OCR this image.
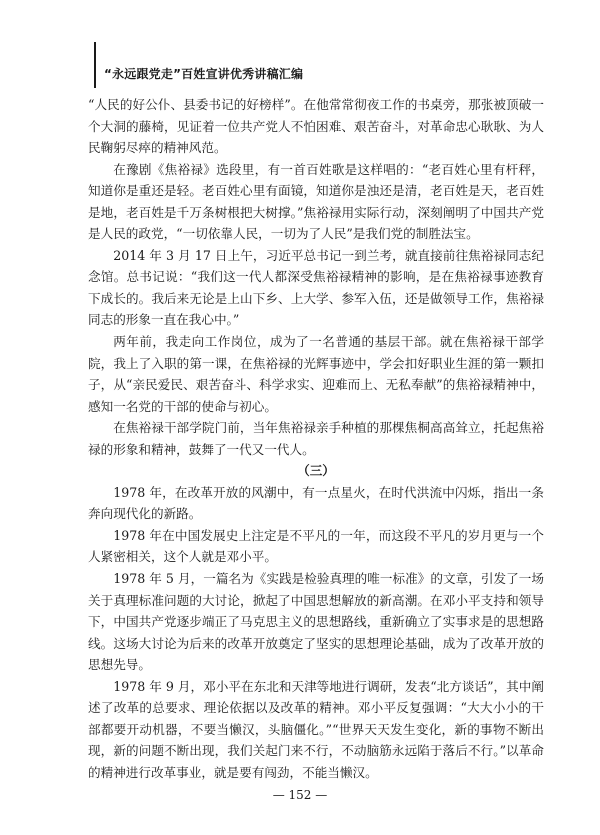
“永远跟党走”百姓宣讲优秀讲稿汇编

“人民的好公仆、县委书记的好榜样”。在他常常彻夜工作的书桌旁，那张被顶破一个大洞的藤椅，见证着一位共产党人不怕困难、艰苦奋斗，对革命忠心耿耿、为人民鞠躬尽瘁的精神风范。

在豫剧《焦裕禄》选段里，有一首百姓歌是这样唱的：“老百姓心里有杆秤，知道你是重还是轻。老百姓心里有面镜，知道你是浊还是清，老百姓是天，老百姓是地，老百姓是千万条树根把大树撑。”焦裕禄用实际行动，深刻阐明了中国共产党是人民的政党，“一切依靠人民，一切为了人民”是我们党的制胜法宝。

2014 年 3 月 17 日上午，习近平总书记一到兰考，就直接前往焦裕禄同志纪念馆。总书记说：“我们这一代人都深受焦裕禄精神的影响，是在焦裕禄事迹教育下成长的。我后来无论是上山下乡、上大学、参军入伍，还是做领导工作，焦裕禄同志的形象一直在我心中。”

两年前，我走向工作岗位，成为了一名普通的基层干部。就在焦裕禄干部学院，我上了入职的第一课，在焦裕禄的光辉事迹中，学会扣好职业生涯的第一颗扣子，从“亲民爱民、艰苦奋斗、科学求实、迎难而上、无私奉献”的焦裕禄精神中，感知一名党的干部的使命与初心。

在焦裕禄干部学院门前，当年焦裕禄亲手种植的那棵焦桐高高耸立，托起焦裕禄的形象和精神，鼓舞了一代又一代人。

（三）

1978 年，在改革开放的风潮中，有一点星火，在时代洪流中闪烁，指出一条奔向现代化的新路。

1978 年在中国发展史上注定是不平凡的一年，而这段不平凡的岁月更与一个人紧密相关，这个人就是邓小平。

1978 年 5 月，一篇名为《实践是检验真理的唯一标准》的文章，引发了一场关于真理标准问题的大讨论，掀起了中国思想解放的新高潮。在邓小平支持和领导下，中国共产党逐步端正了马克思主义的思想路线，重新确立了实事求是的思想路线。这场大讨论为后来的改革开放奠定了坚实的思想理论基础，成为了改革开放的思想先导。

1978 年 9 月，邓小平在东北和天津等地进行调研，发表“北方谈话”，其中阐述了改革的总要求、理论依据以及改革的精神。邓小平反复强调：“大大小小的干部都要开动机器，不要当懒汉，头脑僵化。”“世界天天发生变化，新的事物不断出现，新的问题不断出现，我们关起门来不行，不动脑筋永远陷于落后不行。”以革命的精神进行改革事业，就是要有闯劲，不能当懒汉。

— 152 —
